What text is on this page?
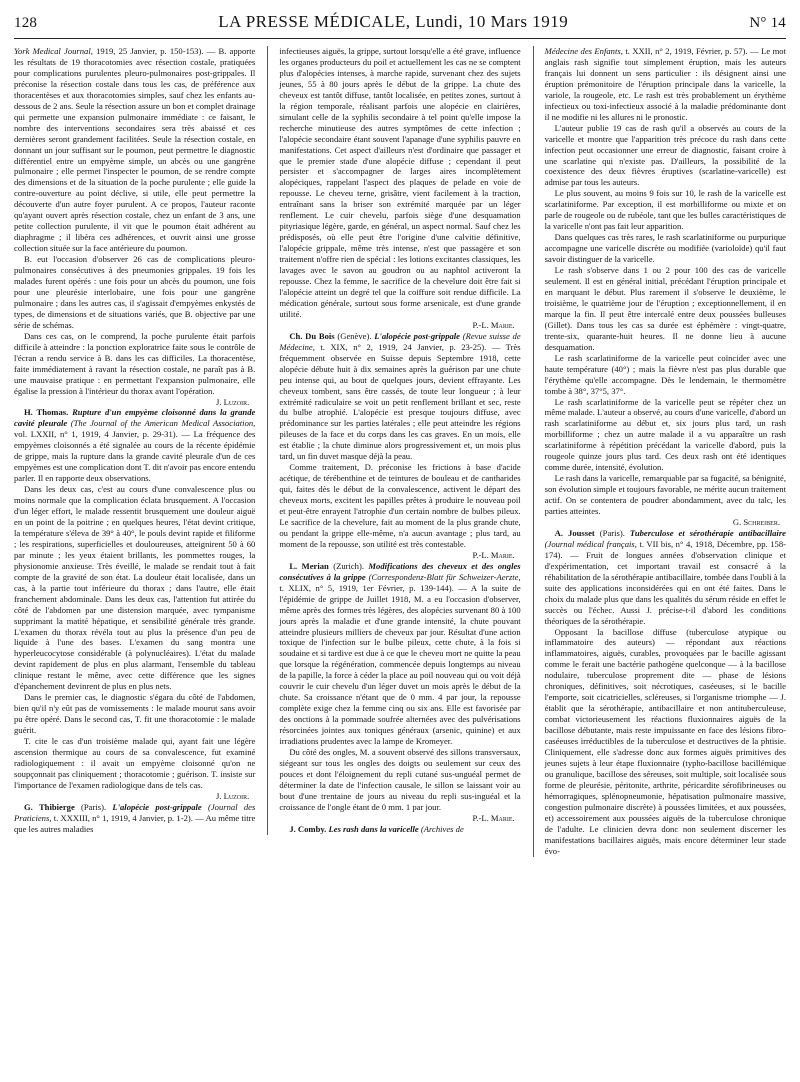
128	LA PRESSE MÉDICALE, Lundi, 10 Mars 1919	N° 14

York Medical Journal, 1919, 25 Janvier, p. 150-153). — B. apporte les résultats de 19 thoracotomies avec résection costale, pratiquées pour complications purulentes pleuro-pulmonaires post-grippales. Il préconise la résection costale dans tous les cas, de préférence aux thoracentèses et aux thoracotomies simples, sauf chez les enfants au-dessous de 2 ans. Seule la résection assure un bon et complet drainage qui permette une expansion pulmonaire immédiate : ce faisant, le nombre des interventions secondaires sera très abaissé et ces dernières seront grandement facilitées. Seule la résection costale, en donnant un jour suffisant sur le poumon, peut permettre le diagnostic différentiel entre un empyème simple, un abcès ou une gangrène pulmonaire ; elle permet l'inspecter le poumon, de se rendre compte des dimensions et de la situation de la poche purulente ; elle guide la contre-ouverture au point déclive, si utile, elle peut permettre la découverte d'un autre foyer purulent. A ce propos, l'auteur raconte qu'ayant ouvert après résection costale, chez un enfant de 3 ans, une petite collection purulente, il vit que le poumon était adhérent au diaphragme ; il libéra ces adhérences, et ouvrit ainsi une grosse collection située sur la face antérieure du poumon.

B. eut l'occasion d'observer 26 cas de complications pleuro-pulmonaires consécutives à des pneumonies grippales. 19 fois les malades furent opérés : une fois pour un abcès du poumon, une fois pour une pleurésie interlobaire, une fois pour une gangrène pulmonaire ; dans les autres cas, il s'agissait d'empyèmes enkystés de types, de dimensions et de situations variés, que B. objective par une série de schémas.

Dans ces cas, on le comprend, la poche purulente était parfois difficile à atteindre : la ponction exploratrice faite sous le contrôle de l'écran a rendu service à B. dans les cas difficiles. La thoracentèse, faite immédiatement à ravant la résection costale, ne paraît pas à B. une mauvaise pratique : en permettant l'expansion pulmonaire, elle égalise la pression à l'intérieur du thorax avant l'opération.
J. Luzoir.

H. Thomas. Rupture d'un empyème cloisonné dans la grande cavité pleurale (The Journal of the American Medical Association, vol. LXXII, n° 1, 1919, 4 Janvier, p. 29-31). — La fréquence des empyèmes cloisonnés a été signalée au cours de la récente épidémie de grippe, mais la rupture dans la grande cavité pleurale d'un de ces empyèmes est une complication dont T. dit n'avoir pas encore entendu parler. Il en rapporte deux observations.

Dans les deux cas, c'est au cours d'une convalescence plus ou moins normale que la complication éclata brusquement. A l'occasion d'un léger effort, le malade ressentit brusquement une douleur aiguë en un point de la poitrine ; en quelques heures, l'état devint critique, la température s'éleva de 39° à 40°, le pouls devint rapide et filiforme ; les respirations, superficielles et douloureuses, atteignirent 50 à 60 par minute ; les yeux étaient brillants, les pommettes rouges, la physionomie anxieuse. Très éveillé, le malade se rendait tout à fait compte de la gravité de son état. La douleur était localisée, dans un cas, à la partie tout inférieure du thorax ; dans l'autre, elle était franchement abdominale. Dans les deux cas, l'attention fut attirée du côté de l'abdomen par une distension marquée, avec tympanisme supprimant la matité hépatique, et sensibilité générale très grande. L'examen du thorax révéla tout au plus la présence d'un peu de liquide à l'une des bases. L'examen du sang montra une hyperleucocytose considérable (à polynucléaires). L'état du malade devint rapidement de plus en plus alarmant, l'ensemble du tableau clinique restant le même, avec cette différence que les signes d'épanchement devinrent de plus en plus nets.

Dans le premier cas, le diagnostic s'égara du côté de l'abdomen, bien qu'il n'y eût pas de vomissements : le malade mourut sans avoir pu être opéré. Dans le second cas, T. fit une thoracotomie : le malade guérit.

T. cite le cas d'un troisième malade qui, ayant fait une légère ascension thermique au cours de sa convalescence, fut examiné radiologiquement : il avait un empyème cloisonné qu'on ne soupçonnait pas cliniquement ; thoracotomie ; guérison. T. insiste sur l'importance de l'examen radiologique dans de tels cas.
J. Luzoir.

G. Thibierge (Paris). L'alopécie post-grippale (Journal des Praticiens, t. XXXIII, n° 1, 1919, 4 Janvier, p. 1-2). — Au même titre que les autres maladies

infectieuses aiguës, la grippe, surtout lorsqu'elle a été grave, influence les organes producteurs du poil et actuellement les cas ne se comptent plus d'alopécies intenses, à marche rapide, survenant chez des sujets jeunes, 55 à 80 jours après le début de la grippe. La chute des cheveux est tantôt diffuse, tantôt localisée, en petites zones, surtout à la région temporale, réalisant parfois une alopécie en clairières, simulant celle de la syphilis secondaire à tel point qu'elle impose la recherche minutieuse des autres symptômes de cette infection ; l'alopécie secondaire étant souvent l'apanage d'une syphilis pauvre en manifestations. Cet aspect d'ailleurs n'est d'ordinaire que passager et que le premier stade d'une alopécie diffuse ; cependant il peut persister et s'accompagner de larges aires incomplètement alopéciques, rappelant l'aspect des plaques de pelade en voie de repousse. Le cheveu terne, grisâtre, vient facilement à la traction, entraînant sans la briser son extrémité marquée par un léger renflement. Le cuir chevelu, parfois siège d'une desquamation pityriasique légère, garde, en général, un aspect normal. Sauf chez les prédisposés, où elle peut être l'origine d'une calvitie définitive, l'alopécie grippale, même très intense, n'est que passagère et son traitement n'offre rien de spécial : les lotions excitantes classiques, les lavages avec le savon au goudron ou au naphtol activeront la repousse. Chez la femme, le sacrifice de la chevelure doit être fait si l'alopécie atteint un degré tel que la coiffure soit rendue difficile. La médication générale, surtout sous forme arsenicale, est d'une grande utilité.
P.-L. Marie.

Ch. Du Bois (Genève). L'alopécie post-grippale (Revue suisse de Médecine, t. XIX, n° 2, 1919, 24 Janvier, p. 23-25). — Très fréquemment observée en Suisse depuis Septembre 1918, cette alopécie débute huit à dix semaines après la guérison par une chute peu intense qui, au bout de quelques jours, devient effrayante. Les cheveux tombent, sans être cassés, de toute leur longueur ; à leur extrémité radiculaire se voit un petit renflement brillant et sec, reste du bulbe atrophié. L'alopécie est presque toujours diffuse, avec prédominance sur les parties latérales ; elle peut atteindre les régions pileuses de la face et du corps dans les cas graves. En un mois, elle est établie ; la chute diminue alors progressivement et, un mois plus tard, un fin duvet masque déjà la peau.

Comme traitement, D. préconise les frictions à base d'acide acétique, de térébenthine et de teintures de bouleau et de cantharides qui, faites dès le début de la convalescence, activent le départ des cheveux morts, excitent les papilles prêtes à produire le nouveau poil et peut-être enrayent l'atrophie d'un certain nombre de bulbes pileux. Le sacrifice de la chevelure, fait au moment de la plus grande chute, ou pendant la grippe elle-même, n'a aucun avantage ; plus tard, au moment de la repousse, son utilité est très contestable.
P.-L. Marie.

L. Merian (Zurich). Modifications des cheveux et des ongles consécutives à la grippe (Correspondenz-Blatt für Schweizer-Aerzte, t. XLIX, n° 5, 1919, 1er Février, p. 139-144). — A la suite de l'épidémie de grippe de Juillet 1918, M. a eu l'occasion d'observer, même après des formes très légères, des alopécies survenant 80 à 100 jours après la maladie et d'une grande intensité, la chute pouvant atteindre plusieurs milliers de cheveux par jour. Résultat d'une action toxique de l'infection sur le bulbe pileux, cette chute, à la fois si soudaine et si tardive est due à ce que le cheveu mort ne quitte la peau que lorsque la régénération, commencée depuis longtemps au niveau de la papille, la force à céder la place au poil nouveau qui ou voit déjà couvrir le cuir chevelu d'un léger duvet un mois après le début de la chute. Sa croissance n'étant que de 0 mm. 4 par jour, la repousse complète exige chez la femme cinq ou six ans. Elle est favorisée par des onctions à la pommade soufrée alternées avec des pulvérisations résorcinées jointes aux toniques généraux (arsenic, quinine) et aux irradiations prudentes avec la lampe de Kromeyer.

Du côté des ongles, M. a souvent observé des sillons transversaux, siégeant sur tous les ongles des doigts ou seulement sur ceux des pouces et dont l'éloignement du repli cutané sus-unguéal permet de déterminer la date de l'infection causale, le sillon se laissant voir au bout d'une trentaine de jours au niveau du repli sus-inguéal et la croissance de l'ongle étant de 0 mm. 1 par jour.
P.-L. Marie.

J. Comby. Les rash dans la varicelle (Archives de

Médecine des Enfants, t. XXII, n° 2, 1919, Février, p. 57). — Le mot anglais rash signifie tout simplement éruption, mais les auteurs français lui donnent un sens particulier : ils désignent ainsi une éruption prémonitoire de l'éruption principale dans la varicelle, la variole, la rougeole, etc. Le rash est très probablement un érythème infectieux ou toxi-infectieux associé à la maladie prédominante dont il ne modifie ni les allures ni le pronostic.

L'auteur publie 19 cas de rash qu'il a observés au cours de la varicelle et montre que l'apparition très précoce du rash dans cette infection peut occasionner une erreur de diagnostic, faisant croire à une scarlatine qui n'existe pas. D'ailleurs, la possibilité de la coexistence des deux fièvres éruptives (scarlatine-varicelle) est admise par tous les auteurs.

Le plus souvent, au moins 9 fois sur 10, le rash de la varicelle est scarlatiniforme. Par exception, il est morbilliforme ou mixte et on parle de rougeole ou de rubéole, tant que les bulles caractéristiques de la varicelle n'ont pas fait leur apparition.

Dans quelques cas très rares, le rash scarlatiniforme ou purpurique accompagne une varicelle discrète ou modifiée (varioloïde) qu'il faut savoir distinguer de la varicelle.

Le rash s'observe dans 1 ou 2 pour 100 des cas de varicelle seulement. Il est en général initial, précédant l'éruption principale et en marquant le début. Plus rarement il s'observe le deuxième, le troisième, le quatrième jour de l'éruption ; exceptionnellement, il en marque la fin. Il peut être intercalé entre deux poussées bulleuses (Gillet). Dans tous les cas sa durée est éphémère : vingt-quatre, trente-six, quarante-huit heures. Il ne donne lieu à aucune desquamation.

Le rash scarlatiniforme de la varicelle peut coïncider avec une haute température (40°) ; mais la fièvre n'est pas plus durable que l'érythème qu'elle accompagne. Dès le lendemain, le thermomètre tombe à 38°, 37°5, 37°.

Le rash scarlatiniforme de la varicelle peut se répéter chez un même malade. L'auteur a observé, au cours d'une varicelle, d'abord un rash scarlatiniforme au début et, six jours plus tard, un rash morbilliforme ; chez un autre malade il a vu apparaître un rash scarlatiniforme à répétition précédant la varicelle d'abord, puis la rougeole quinze jours plus tard. Ces deux rash ont été identiques comme durée, intensité, évolution.

Le rash dans la varicelle, remarquable par sa fugacité, sa bénignité, son évolution simple et toujours favorable, ne mérite aucun traitement actif. On se contentera de poudrer abondamment, avec du talc, les parties atteintes.
G. Schreiber.

A. Jousset (Paris). Tuberculose et sérothérapie antibacillaire (Journal médical français, t. VII bis, n° 4, 1918, Décembre, pp. 158-174). — Fruit de longues années d'observation clinique et d'expérimentation, cet important travail est consacré à la réhabilitation de la sérothérapie antibacillaire, tombée dans l'oubli à la suite des applications inconsidérées qui en ont été faites. Dans le choix du malade plus que dans les qualités du sérum réside en effet le succès ou l'échec. Aussi J. précise-t-il d'abord les conditions théoriques de la sérothérapie.

Opposant la bacillose diffuse (tuberculose atypique ou inflammatoire des auteurs) — répondant aux réactions inflammatoires, aiguës, curables, provoquées par le bacille agissant comme le ferait une bactérie pathogène quelconque — à la bacillose nodulaire, tuberculose proprement dite — phase de lésions chroniques, définitives, soit nécrotiques, caséeuses, si le bacille l'emporte, soit cicatricielles, scléreuses, si l'organisme triomphe — J. établit que la sérothérapie, antibacillaire et non antituberculeuse, combat victorieusement les réactions fluxionnaires aiguës de la bacillose débutante, mais reste impuissante en face des lésions fibro-caséeuses irréductibles de la tuberculose et destructives de la phtisie. Cliniquement, elle s'adresse donc aux formes aiguës primitives des jeunes sujets à leur étape fluxionnaire (typho-bacillose bacillémique ou granulique, bacillose des séreuses, soit multiple, soit localisée sous forme de pleurésie, péritonite, arthrite, péricardite sérofibrineuses ou hémorragiques, splénopneumonie, hépatisation pulmonaire massive, congestion pulmonaire discrète) à poussées limitées, et aux poussées, et) accessoirement aux poussées aiguës de la tuberculose chronique de l'adulte. Le clinicien devra donc non seulement discerner les manifestations bacillaires aiguës, mais encore déterminer leur stade évo-
